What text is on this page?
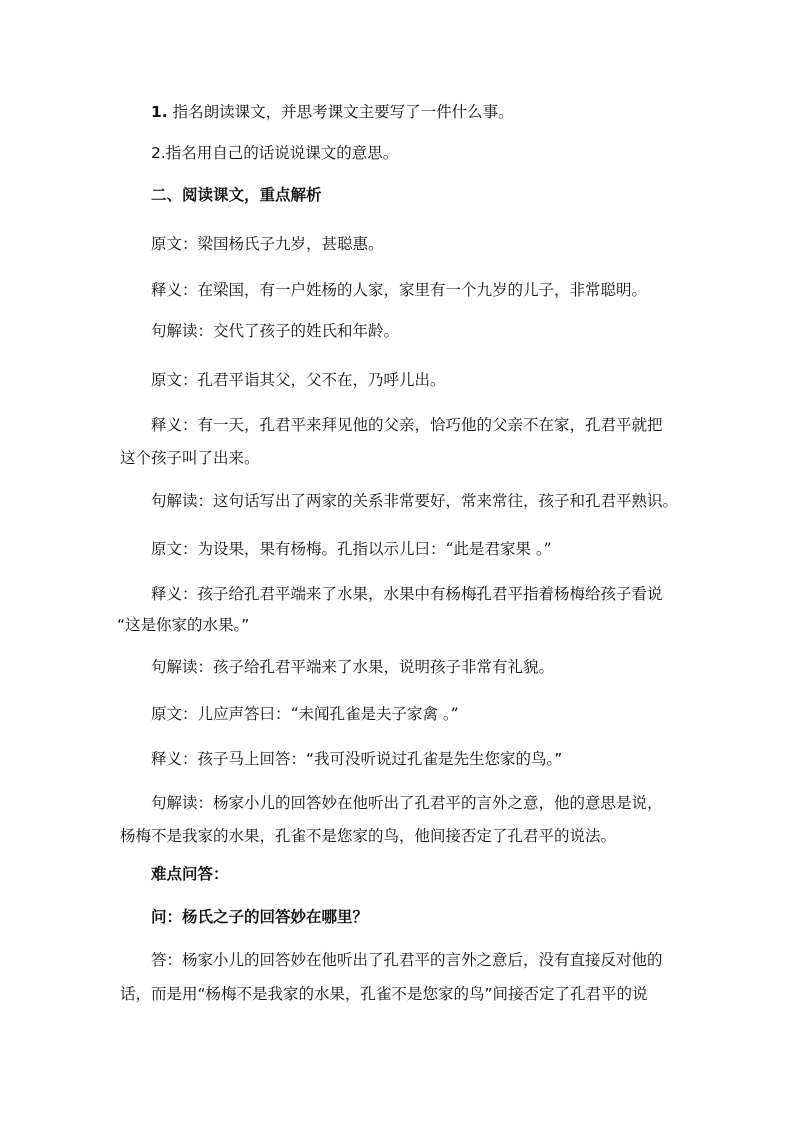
1. 指名朗读课文，并思考课文主要写了一件什么事。
2.指名用自己的话说说课文的意思。
二、阅读课文，重点解析
原文：梁国杨氏子九岁，甚聪惠。
释义：在梁国，有一户姓杨的人家，家里有一个九岁的儿子，非常聪明。
句解读：交代了孩子的姓氏和年龄。
原文：孔君平诣其父，父不在，乃呼儿出。
释义：有一天，孔君平来拜见他的父亲，恰巧他的父亲不在家，孔君平就把
这个孩子叫了出来。
句解读：这句话写出了两家的关系非常要好，常来常往，孩子和孔君平熟识。
原文：为设果，果有杨梅。孔指以示儿曰：“此是君家果 。”
释义：孩子给孔君平端来了水果，水果中有杨梅孔君平指着杨梅给孩子看说
“这是你家的水果。”
句解读：孩子给孔君平端来了水果，说明孩子非常有礼貌。
原文：儿应声答曰：“未闻孔雀是夫子家禽 。”
释义：孩子马上回答：“我可没听说过孔雀是先生您家的鸟。”
句解读：杨家小儿的回答妙在他听出了孔君平的言外之意，他的意思是说，
杨梅不是我家的水果，孔雀不是您家的鸟，他间接否定了孔君平的说法。
难点问答：
问：杨氏之子的回答妙在哪里？
答：杨家小儿的回答妙在他听出了孔君平的言外之意后，没有直接反对他的
话，而是用“杨梅不是我家的水果，孔雀不是您家的鸟”间接否定了孔君平的说
